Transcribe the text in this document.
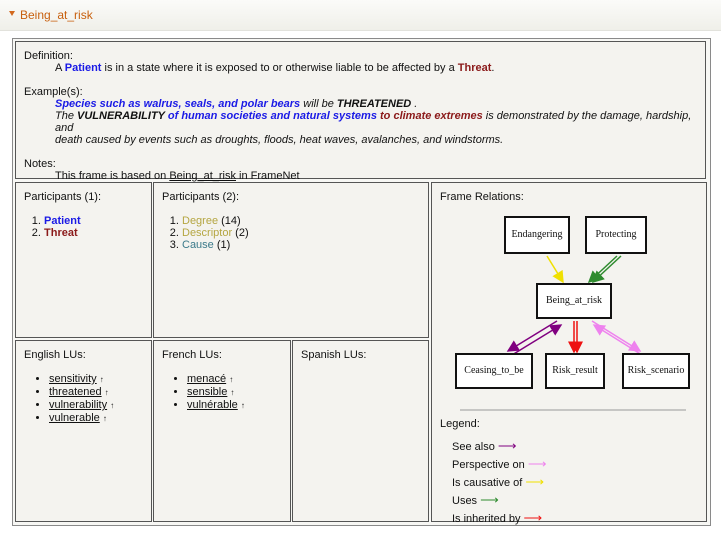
Being_at_risk
Definition:
A Patient is in a state where it is exposed to or otherwise liable to be affected by a Threat.
Example(s):
Species such as walrus, seals, and polar bears will be THREATENED .
The VULNERABILITY of human societies and natural systems to climate extremes is demonstrated by the damage, hardship, and
death caused by events such as droughts, floods, heat waves, avalanches, and windstorms.
Notes:
This frame is based on Being_at_risk in FrameNet
Participants (1):
1. Patient
2. Threat
Participants (2):
1. Degree (14)
2. Descriptor (2)
3. Cause (1)
English LUs:
• sensitivity ↑
• threatened ↑
• vulnerability ↑
• vulnerable ↑
French LUs:
• menacé ↑
• sensible ↑
• vulnérable ↑
Spanish LUs:
Frame Relations:
Endangering	Protecting
Being_at_risk
Ceasing_to_be	Risk_result	Risk_scenario
Legend:
See also ⟶
Perspective on ⟶
Is causative of ⟶
Uses ⟶
Is inherited by ⟶
